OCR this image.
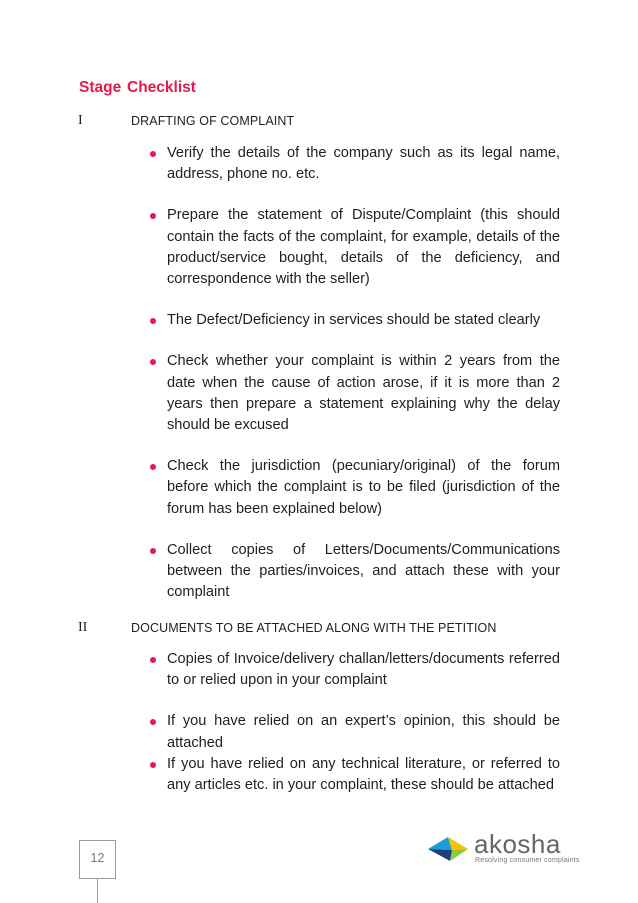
Stage Checklist
I	DRAFTING OF COMPLAINT
Verify the details of the company such as its legal name, address, phone no. etc.
Prepare the statement of Dispute/Complaint (this should contain the facts of the complaint, for example, details of the product/service bought, details of the deficiency, and correspondence with the seller)
The Defect/Deficiency in services should be stated clearly
Check whether your complaint is within 2 years from the date when the cause of action arose, if it is more than 2 years then prepare a statement explaining why the delay should be excused
Check the jurisdiction (pecuniary/original) of the forum before which the complaint is to be filed (jurisdiction of the forum has been explained below)
Collect copies of Letters/Documents/Communications between the parties/invoices, and attach these with your complaint
II	DOCUMENTS TO BE ATTACHED ALONG WITH THE PETITION
Copies of Invoice/delivery challan/letters/documents referred to or relied upon in your complaint
If you have relied on an expert’s opinion, this should be attached
If you have relied on any technical literature, or referred to any articles etc. in your complaint, these should be attached
12	akosha
Resolving consumer complaints
